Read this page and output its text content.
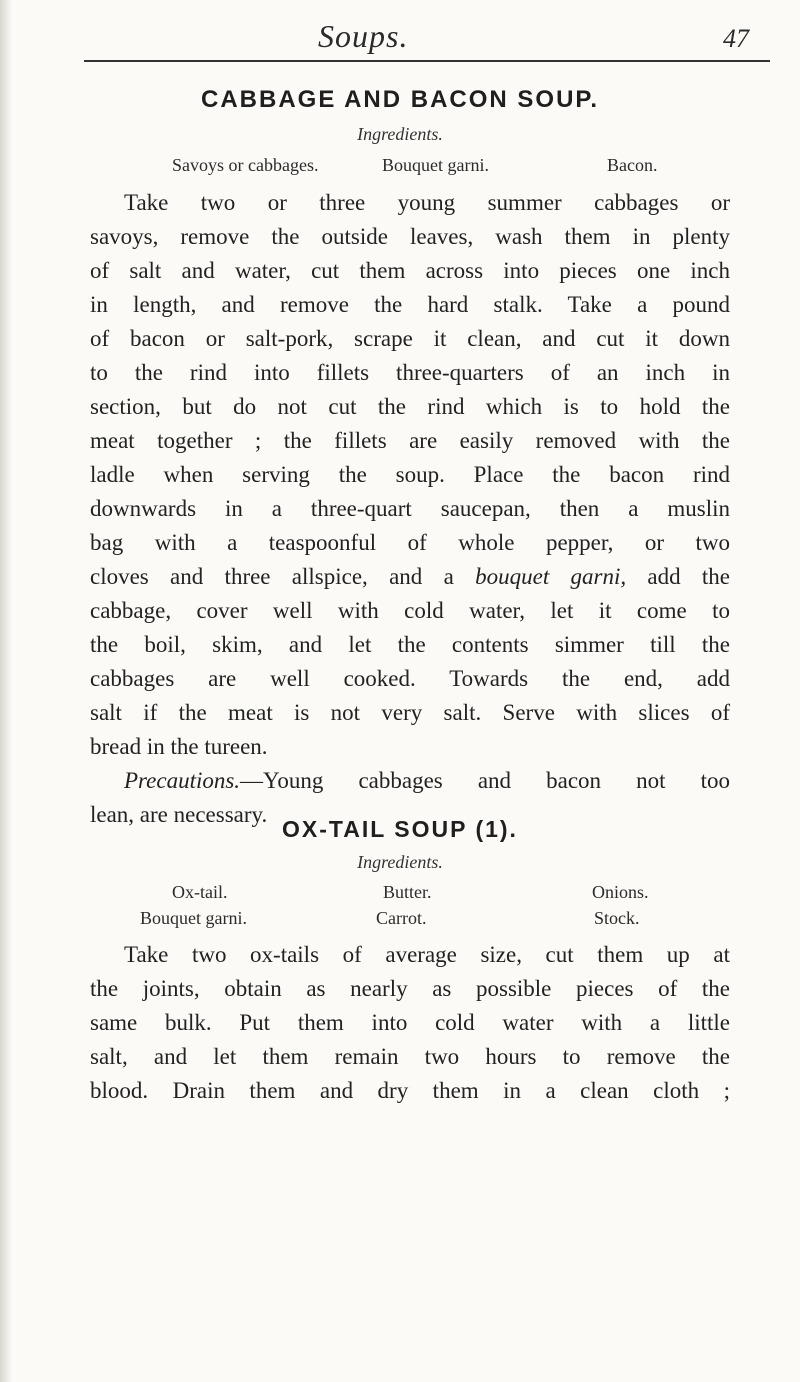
Soups.	47
CABBAGE AND BACON SOUP.
Ingredients.
Savoys or cabbages.	Bouquet garni.	Bacon.
Take two or three young summer cabbages or
savoys, remove the outside leaves, wash them in plenty
of salt and water, cut them across into pieces one inch
in length, and remove the hard stalk. Take a pound
of bacon or salt-pork, scrape it clean, and cut it down
to the rind into fillets three-quarters of an inch in
section, but do not cut the rind which is to hold the
meat together ; the fillets are easily removed with the
ladle when serving the soup. Place the bacon rind
downwards in a three-quart saucepan, then a muslin
bag with a teaspoonful of whole pepper, or two
cloves and three allspice, and a bouquet garni, add the
cabbage, cover well with cold water, let it come to
the boil, skim, and let the contents simmer till the
cabbages are well cooked. Towards the end, add
salt if the meat is not very salt. Serve with slices of
bread in the tureen.
Precautions.—Young cabbages and bacon not too
lean, are necessary.
OX-TAIL SOUP (1).
Ingredients.
Ox-tail.	Butter.	Onions.
Bouquet garni.	Carrot.	Stock.
Take two ox-tails of average size, cut them up at
the joints, obtain as nearly as possible pieces of the
same bulk. Put them into cold water with a little
salt, and let them remain two hours to remove the
blood. Drain them and dry them in a clean cloth ;
